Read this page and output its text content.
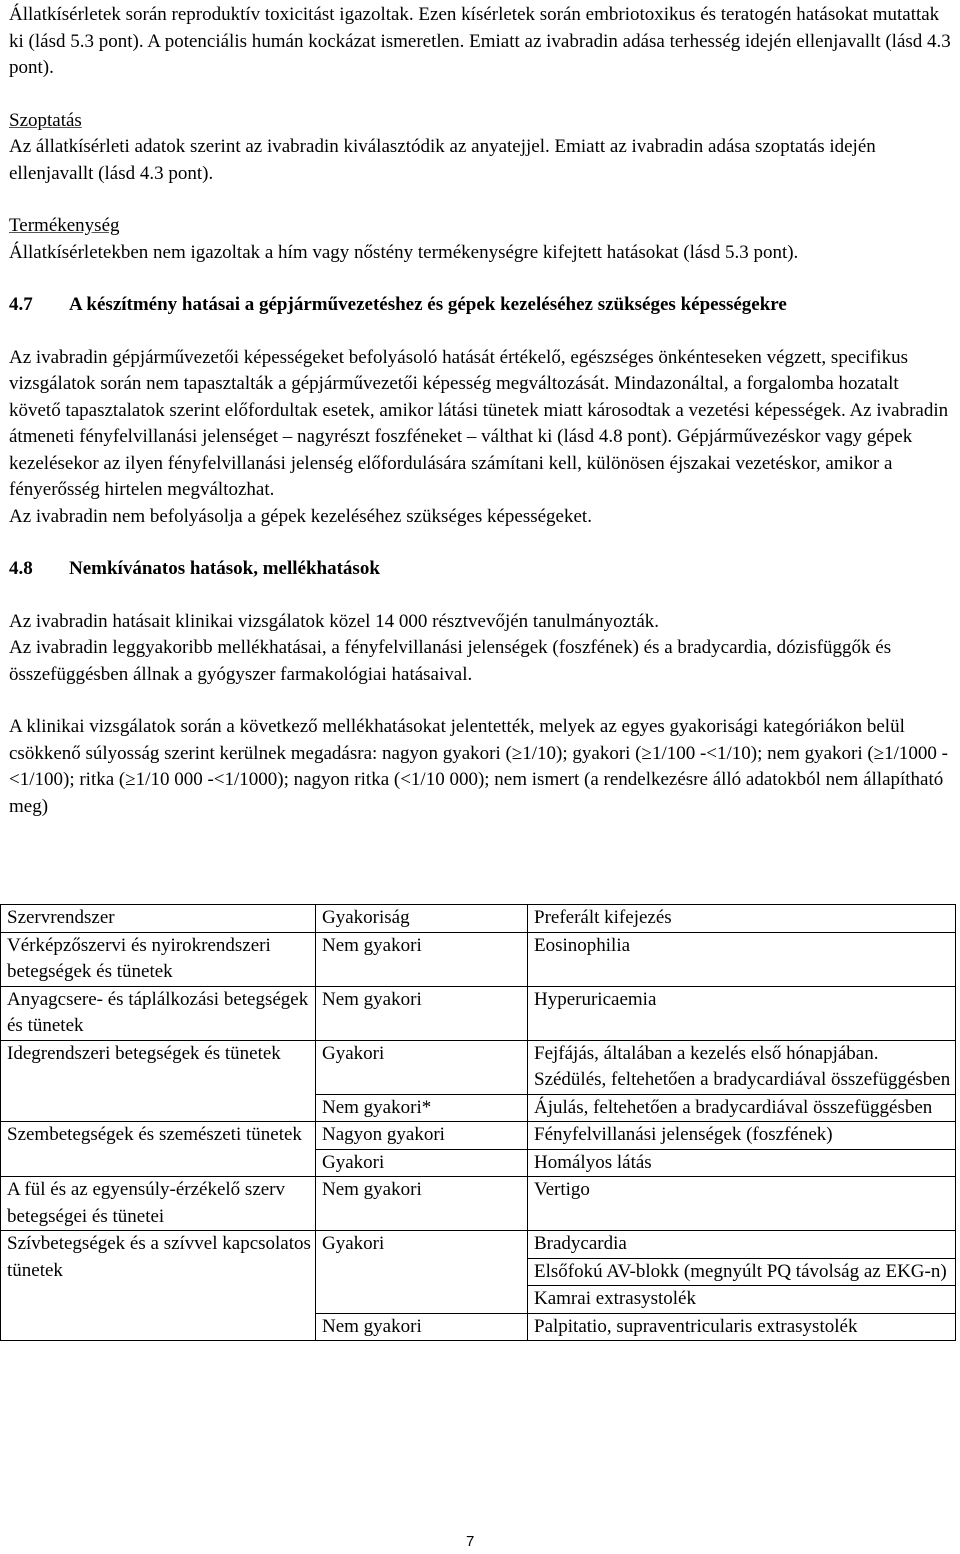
Állatkísérletek során reproduktív toxicitást igazoltak. Ezen kísérletek során embriotoxikus és teratogén hatásokat mutattak ki (lásd 5.3 pont). A potenciális humán kockázat ismeretlen. Emiatt az ivabradin adása terhesség idején ellenjavallt (lásd 4.3 pont).

Szoptatás

Az állatkísérleti adatok szerint az ivabradin kiválasztódik az anyatejjel. Emiatt az ivabradin adása szoptatás idején ellenjavallt (lásd 4.3 pont).

Termékenység

Állatkísérletekben nem igazoltak a hím vagy nőstény termékenységre kifejtett hatásokat (lásd 5.3 pont).

4.7 A készítmény hatásai a gépjárművezetéshez és gépek kezeléséhez szükséges képességekre

Az ivabradin gépjárművezetői képességeket befolyásoló hatását értékelő, egészséges önkénteseken végzett, specifikus vizsgálatok során nem tapasztalták a gépjárművezetői képesség megváltozását. Mindazonáltal, a forgalomba hozatalt követő tapasztalatok szerint előfordultak esetek, amikor látási tünetek miatt károsodtak a vezetési képességek. Az ivabradin átmeneti fényfelvillanási jelenséget – nagyrészt foszféneket – válthat ki (lásd 4.8 pont). Gépjárművezéskor vagy gépek kezelésekor az ilyen fényfelvillanási jelenség előfordulására számítani kell, különösen éjszakai vezetéskor, amikor a fényerősség hirtelen megváltozhat.

Az ivabradin nem befolyásolja a gépek kezeléséhez szükséges képességeket.

4.8 Nemkívánatos hatások, mellékhatások

Az ivabradin hatásait klinikai vizsgálatok közel 14 000 résztvevőjén tanulmányozták.

Az ivabradin leggyakoribb mellékhatásai, a fényfelvillanási jelenségek (foszfének) és a bradycardia, dózisfüggők és összefüggésben állnak a gyógyszer farmakológiai hatásaival.

A klinikai vizsgálatok során a következő mellékhatásokat jelentették, melyek az egyes gyakorisági kategóriákon belül csökkenő súlyosság szerint kerülnek megadásra: nagyon gyakori (≥1/10); gyakori (≥1/100 -<1/10); nem gyakori (≥1/1000 -<1/100); ritka (≥1/10 000 -<1/1000); nagyon ritka (<1/10 000); nem ismert (a rendelkezésre álló adatokból nem állapítható meg)

Szervrendszer	Gyakoriság	Preferált kifejezés
Vérképzőszervi és nyirokrendszeri betegségek és tünetek	Nem gyakori	Eosinophilia
Anyagcsere- és táplálkozási betegségek és tünetek	Nem gyakori	Hyperuricaemia
Idegrendszeri betegségek és tünetek	Gyakori	Fejfájás, általában a kezelés első hónapjában.
		Szédülés, feltehetően a bradycardiával összefüggésben
	Nem gyakori*	Ájulás, feltehetően a bradycardiával összefüggésben
Szembetegségek és szemészeti tünetek	Nagyon gyakori	Fényfelvillanási jelenségek (foszfének)
	Gyakori	Homályos látás
A fül és az egyensúly-érzékelő szerv betegségei és tünetei	Nem gyakori	Vertigo
Szívbetegségek és a szívvel kapcsolatos tünetek	Gyakori	Bradycardia
		Elsőfokú AV-blokk (megnyúlt PQ távolság az EKG-n)
		Kamrai extrasystolék
	Nem gyakori	Palpitatio, supraventricularis extrasystolék
7
